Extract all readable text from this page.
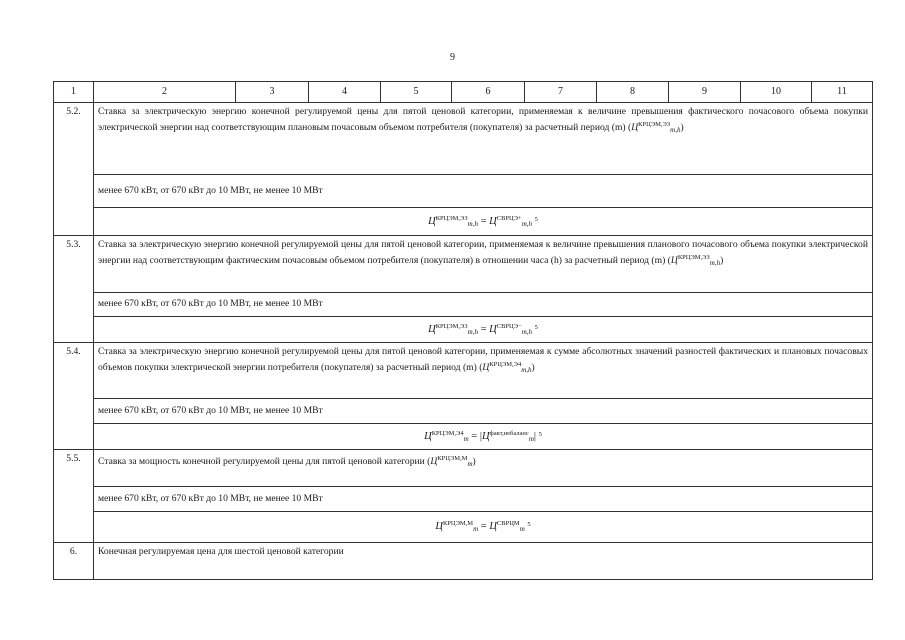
9
1	2	3	4	5	6	7	8	9	10	11
5.2.	Ставка за электрическую энергию конечной регулируемой цены для пятой ценовой категории, применяемая к величине превышения фактического почасового объема покупки электрической энергии над соответствующим плановым почасовым объемом потребителя (покупателя) за расчетный период (m) $(Ц^{КРЦЭМ,ЭЗ}_{m,h})$									
	менее 670 кВт, от 670 кВт до 10 МВт, не менее 10 МВт									
	$Ц^{КРЦЭМ,ЭЗ}_{m,h} = Ц^{СВРЦЭ+}_{m,h}$ $^5$
5.3.	Ставка за электрическую энергию конечной регулируемой цены для пятой ценовой категории, применяемая к величине превышения планового почасового объема покупки электрической энергии над соответствующим фактическим почасовым объемом потребителя (покупателя) в отношении часа (h) за расчетный период (m) $(Ц^{КРЦЭМ,ЭЗ}_{m,h})$									
	менее 670 кВт, от 670 кВт до 10 МВт, не менее 10 МВт									
	$Ц^{КРЦЭМ,ЭЗ}_{m,h} = Ц^{СВРЦЭ-}_{m,h}$ $^5$
5.4.	Ставка за электрическую энергию конечной регулируемой цены для пятой ценовой категории, применяемая к сумме абсолютных значений разностей фактических и плановых почасовых объемов покупки электрической энергии потребителя (покупателя) за расчетный период (m) $(Ц^{КРЦЭМ,Э4}_{m,h})$									
	менее 670 кВт, от 670 кВт до 10 МВт, не менее 10 МВт									
	$Ц^{КРЦЭМ,Э4}_m = |Ц^{факт,небаланс}_m|$ $^5$
5.5.	Ставка за мощность конечной регулируемой цены для пятой ценовой категории $(Ц^{КРЦЭМ,М}_m)$									
	менее 670 кВт, от 670 кВт до 10 МВт, не менее 10 МВт									
	$Ц^{КРЦЭМ,М}_m = Ц^{СВРЦМ}_m$ $^5$
6.	Конечная регулируемая цена для шестой ценовой категории									
